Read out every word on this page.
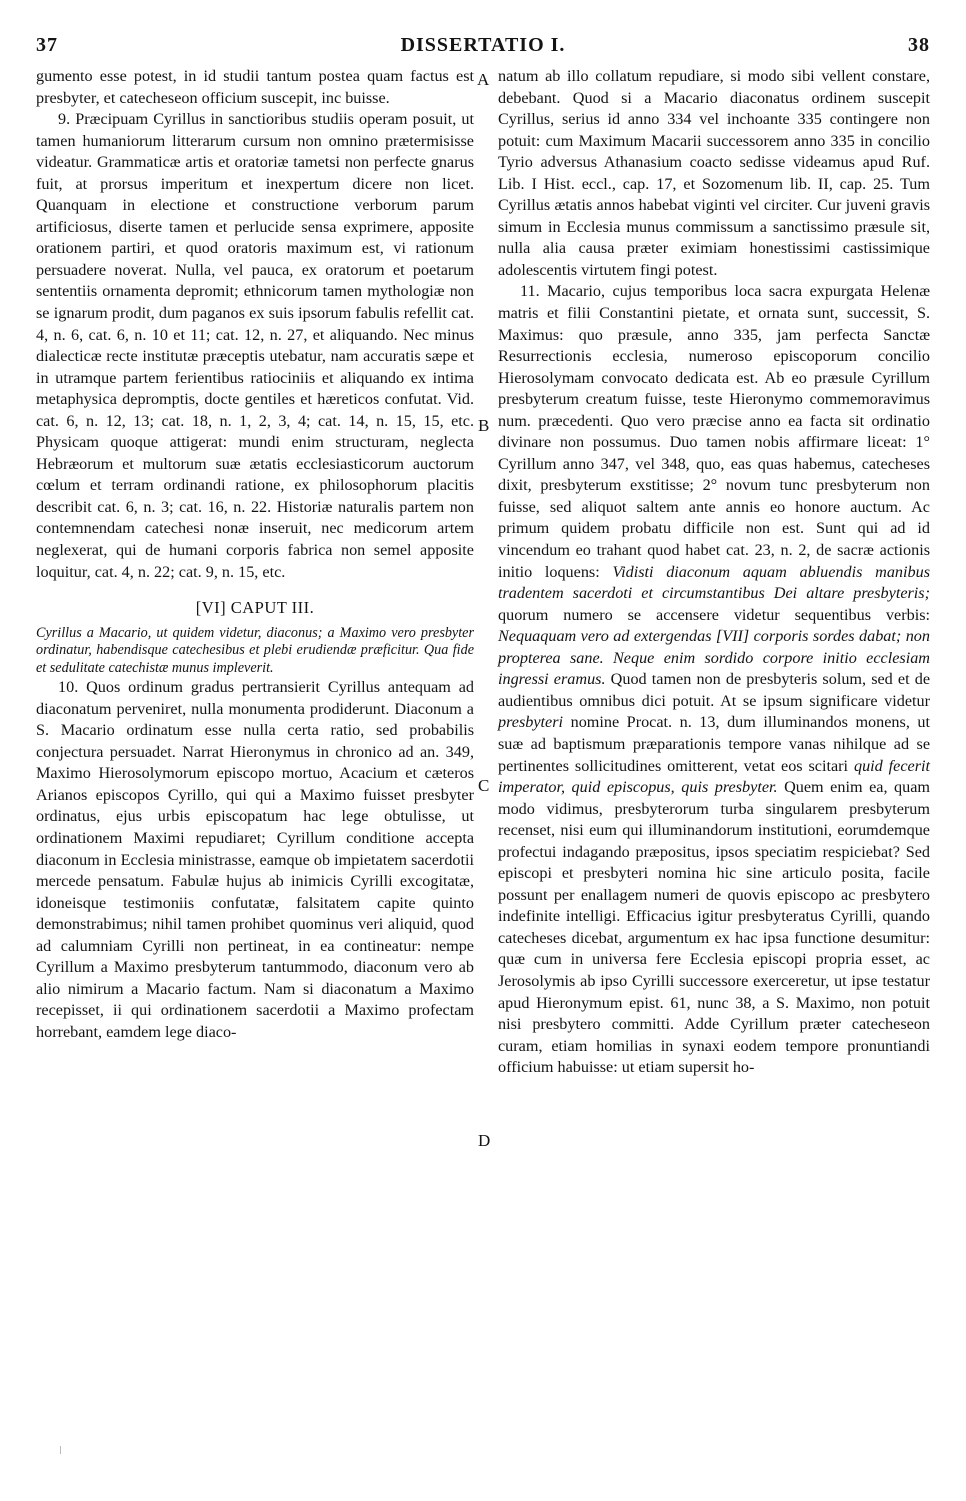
37	DISSERTATIO I.	38

gumento esse potest, in id studii tantum postea quam factus est presbyter, et catecheseon officium suscepit, inc buisse.

9. Præcipuam Cyrillus in sanctioribus studiis operam posuit, ut tamen humaniorum litterarum cursum non omnino prætermisisse videatur. Grammaticæ artis et oratoriæ tametsi non perfecte gnarus fuit, at prorsus imperitum et inexpertum dicere non licet. Quanquam in electione et constructione verborum parum artificiosus, diserte tamen et perlucide sensa exprimere, apposite orationem partiri, et quod oratoris maximum est, vi rationum persuadere noverat. Nulla, vel pauca, ex oratorum et poetarum sententiis ornamenta depromit; ethnicorum tamen mythologiæ non se ignarum prodit, dum paganos ex suis ipsorum fabulis refellit cat. 4, n. 6, cat. 6, n. 10 et 11; cat. 12, n. 27, et aliquando. Nec minus dialecticæ recte institutæ præceptis utebatur, nam accuratis sæpe et in utramque partem ferientibus ratiociniis et aliquando ex intima metaphysica depromptis, docte gentiles et hæreticos confutat. Vid. cat. 6, n. 12, 13; cat. 18, n. 1, 2, 3, 4; cat. 14, n. 15, 15, etc. Physicam quoque attigerat: mundi enim structuram, neglecta Hebræorum et multorum suæ ætatis ecclesiasticorum auctorum cœlum et terram ordinandi ratione, ex philosophorum placitis describit cat. 6, n. 3; cat. 16, n. 22. Historiæ naturalis partem non contemnendam catechesi nonæ inseruit, nec medicorum artem neglexerat, qui de humani corporis fabrica non semel apposite loquitur, cat. 4, n. 22; cat. 9, n. 15, etc.

[VI] CAPUT III.

Cyrillus a Macario, ut quidem videtur, diaconus; a Maximo vero presbyter ordinatur, habendisque catechesibus et plebi erudiendæ præficitur. Qua fide et sedulitate catechistæ munus impleverit.

10. Quos ordinum gradus pertransierit Cyrillus antequam ad diaconatum perveniret, nulla monumenta prodiderunt. Diaconum a S. Macario ordinatum esse nulla certa ratio, sed probabilis conjectura persuadet. Narrat Hieronymus in chronico ad an. 349, Maximo Hierosolymorum episcopo mortuo, Acacium et cæteros Arianos episcopos Cyrillo, qui qui a Maximo fuisset presbyter ordinatus, ejus urbis episcopatum hac lege obtulisse, ut ordinationem Maximi repudiaret; Cyrillum conditione accepta diaconum in Ecclesia ministrasse, eamque ob impietatem sacerdotii mercede pensatum. Fabulæ hujus ab inimicis Cyrilli excogitatæ, idoneisque testimoniis confutatæ, falsitatem capite quinto demonstrabimus; nihil tamen prohibet quominus veri aliquid, quod ad calumniam Cyrilli non pertineat, in ea contineatur: nempe Cyrillum a Maximo presbyterum tantummodo, diaconum vero ab alio nimirum a Macario factum. Nam si diaconatum a Maximo recepisset, ii qui ordinationem sacerdotii a Maximo profectam horrebant, eamdem lege diaco-

natum ab illo collatum repudiare, si modo sibi vellent constare, debebant. Quod si a Macario diaconatus ordinem suscepit Cyrillus, serius id anno 334 vel inchoante 335 contingere non potuit: cum Maximum Macarii successorem anno 335 in concilio Tyrio adversus Athanasium coacto sedisse videamus apud Ruf. Lib. I Hist. eccl., cap. 17, et Sozomenum lib. II, cap. 25. Tum Cyrillus ætatis annos habebat viginti vel circiter. Cur juveni gravis simum in Ecclesia munus commissum a sanctissimo præsule sit, nulla alia causa præter eximiam honestissimi castissimique adolescentis virtutem fingi potest.

11. Macario, cujus temporibus loca sacra expurgata Helenæ matris et filii Constantini pietate, et ornata sunt, successit, S. Maximus: quo præsule, anno 335, jam perfecta Sanctæ Resurrectionis ecclesia, numeroso episcoporum concilio Hierosolymam convocato dedicata est. Ab eo præsule Cyrillum presbyterum creatum fuisse, teste Hieronymo commemoravimus num. præcedenti. Quo vero præcise anno ea facta sit ordinatio divinare non possumus. Duo tamen nobis affirmare liceat: 1° Cyrillum anno 347, vel 348, quo, eas quas habemus, catecheses dixit, presbyterum exstitisse; 2° novum tunc presbyterum non fuisse, sed aliquot saltem ante annis eo honore auctum. Ac primum quidem probatu difficile non est. Sunt qui ad id vincendum eo trahant quod habet cat. 23, n. 2, de sacræ actionis initio loquens: Vidisti diaconum aquam abluendis manibus tradentem sacerdoti et circumstantibus Dei altare presbyteris; quorum numero se accensere videtur sequentibus verbis: Nequaquam vero ad extergendas [VII] corporis sordes dabat; non propterea sane. Neque enim sordido corpore initio ecclesiam ingressi eramus. Quod tamen non de presbyteris solum, sed et de audientibus omnibus dici potuit. At se ipsum significare videtur presbyteri nomine Procat. n. 13, dum illuminandos monens, ut suæ ad baptismum præparationis tempore vanas nihilque ad se pertinentes sollicitudines omitterent, vetat eos scitari quid fecerit imperator, quid episcopus, quis presbyter. Quem enim ea, quam modo vidimus, presbyterorum turba singularem presbyterum recenset, nisi eum qui illuminandorum institutioni, eorumdemque profectui indagando præpositus, ipsos speciatim respiciebat? Sed episcopi et presbyteri nomina hic sine articulo posita, facile possunt per enallagem numeri de quovis episcopo ac presbytero indefinite intelligi. Efficacius igitur presbyteratus Cyrilli, quando catecheses dicebat, argumentum ex hac ipsa functione desumitur: quæ cum in universa fere Ecclesia episcopi propria esset, ac Jerosolymis ab ipso Cyrilli successore exerceretur, ut ipse testatur apud Hieronymum epist. 61, nunc 38, a S. Maximo, non potuit nisi presbytero committi. Adde Cyrillum præter catecheseon curam, etiam homilias in synaxi eodem tempore pronuntiandi officium habuisse: ut etiam supersit ho-

A
B
C
D
